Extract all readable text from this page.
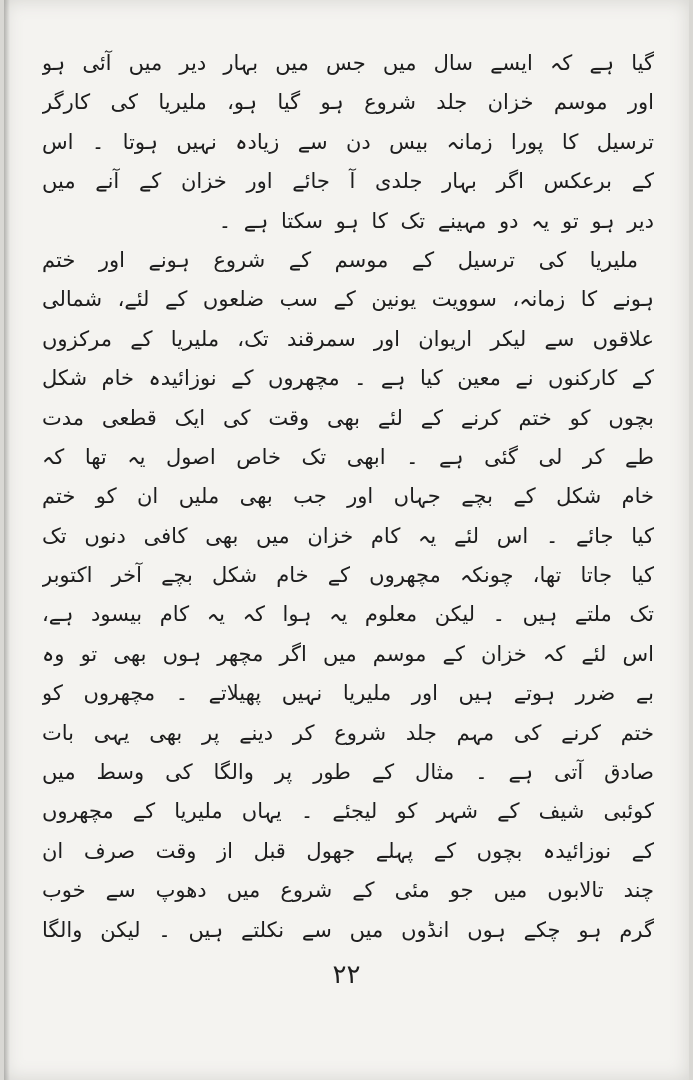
گیا ہے کہ ایسے سال میں جس میں بہار دیر میں آئی ہو
اور موسم خزان جلد شروع ہو گیا ہو، ملیریا کی کارگر
ترسیل کا پورا زمانہ بیس دن سے زیادہ نہیں ہوتا ۔ اس
کے برعکس اگر بہار جلدی آ جائے اور خزان کے آنے میں
دیر ہو تو یہ دو مہینے تک کا ہو سکتا ہے ۔
ملیریا کی ترسیل کے موسم کے شروع ہونے اور ختم
ہونے کا زمانہ، سوویت یونین کے سب ضلعوں کے لئے، شمالی
علاقوں سے لیکر اریوان اور سمرقند تک، ملیریا کے مرکزوں
کے کارکنوں نے معین کیا ہے ۔ مچھروں کے نوزائیدہ خام شکل
بچوں کو ختم کرنے کے لئے بھی وقت کی ایک قطعی مدت
طے کر لی گئی ہے ۔ ابھی تک خاص اصول یہ تھا کہ
خام شکل کے بچے جہاں اور جب بھی ملیں ان کو ختم
کیا جائے ۔ اس لئے یہ کام خزان میں بھی کافی دنوں تک
کیا جاتا تھا، چونکہ مچھروں کے خام شکل بچے آخر اکتوبر
تک ملتے ہیں ۔ لیکن معلوم یہ ہوا کہ یہ کام بیسود ہے،
اس لئے کہ خزان کے موسم میں اگر مچھر ہوں بھی تو وہ
بے ضرر ہوتے ہیں اور ملیریا نہیں پھیلاتے ۔ مچھروں کو
ختم کرنے کی مہم جلد شروع کر دینے پر بھی یہی بات
صادق آتی ہے ۔ مثال کے طور پر والگا کی وسط میں
کوئبی شیف کے شہر کو لیجئے ۔ یہاں ملیریا کے مچھروں
کے نوزائیدہ بچوں کے پہلے جھول قبل از وقت صرف ان
چند تالابوں میں جو مئی کے شروع میں دھوپ سے خوب
گرم ہو چکے ہوں انڈوں میں سے نکلتے ہیں ۔ لیکن والگا
٢٢
